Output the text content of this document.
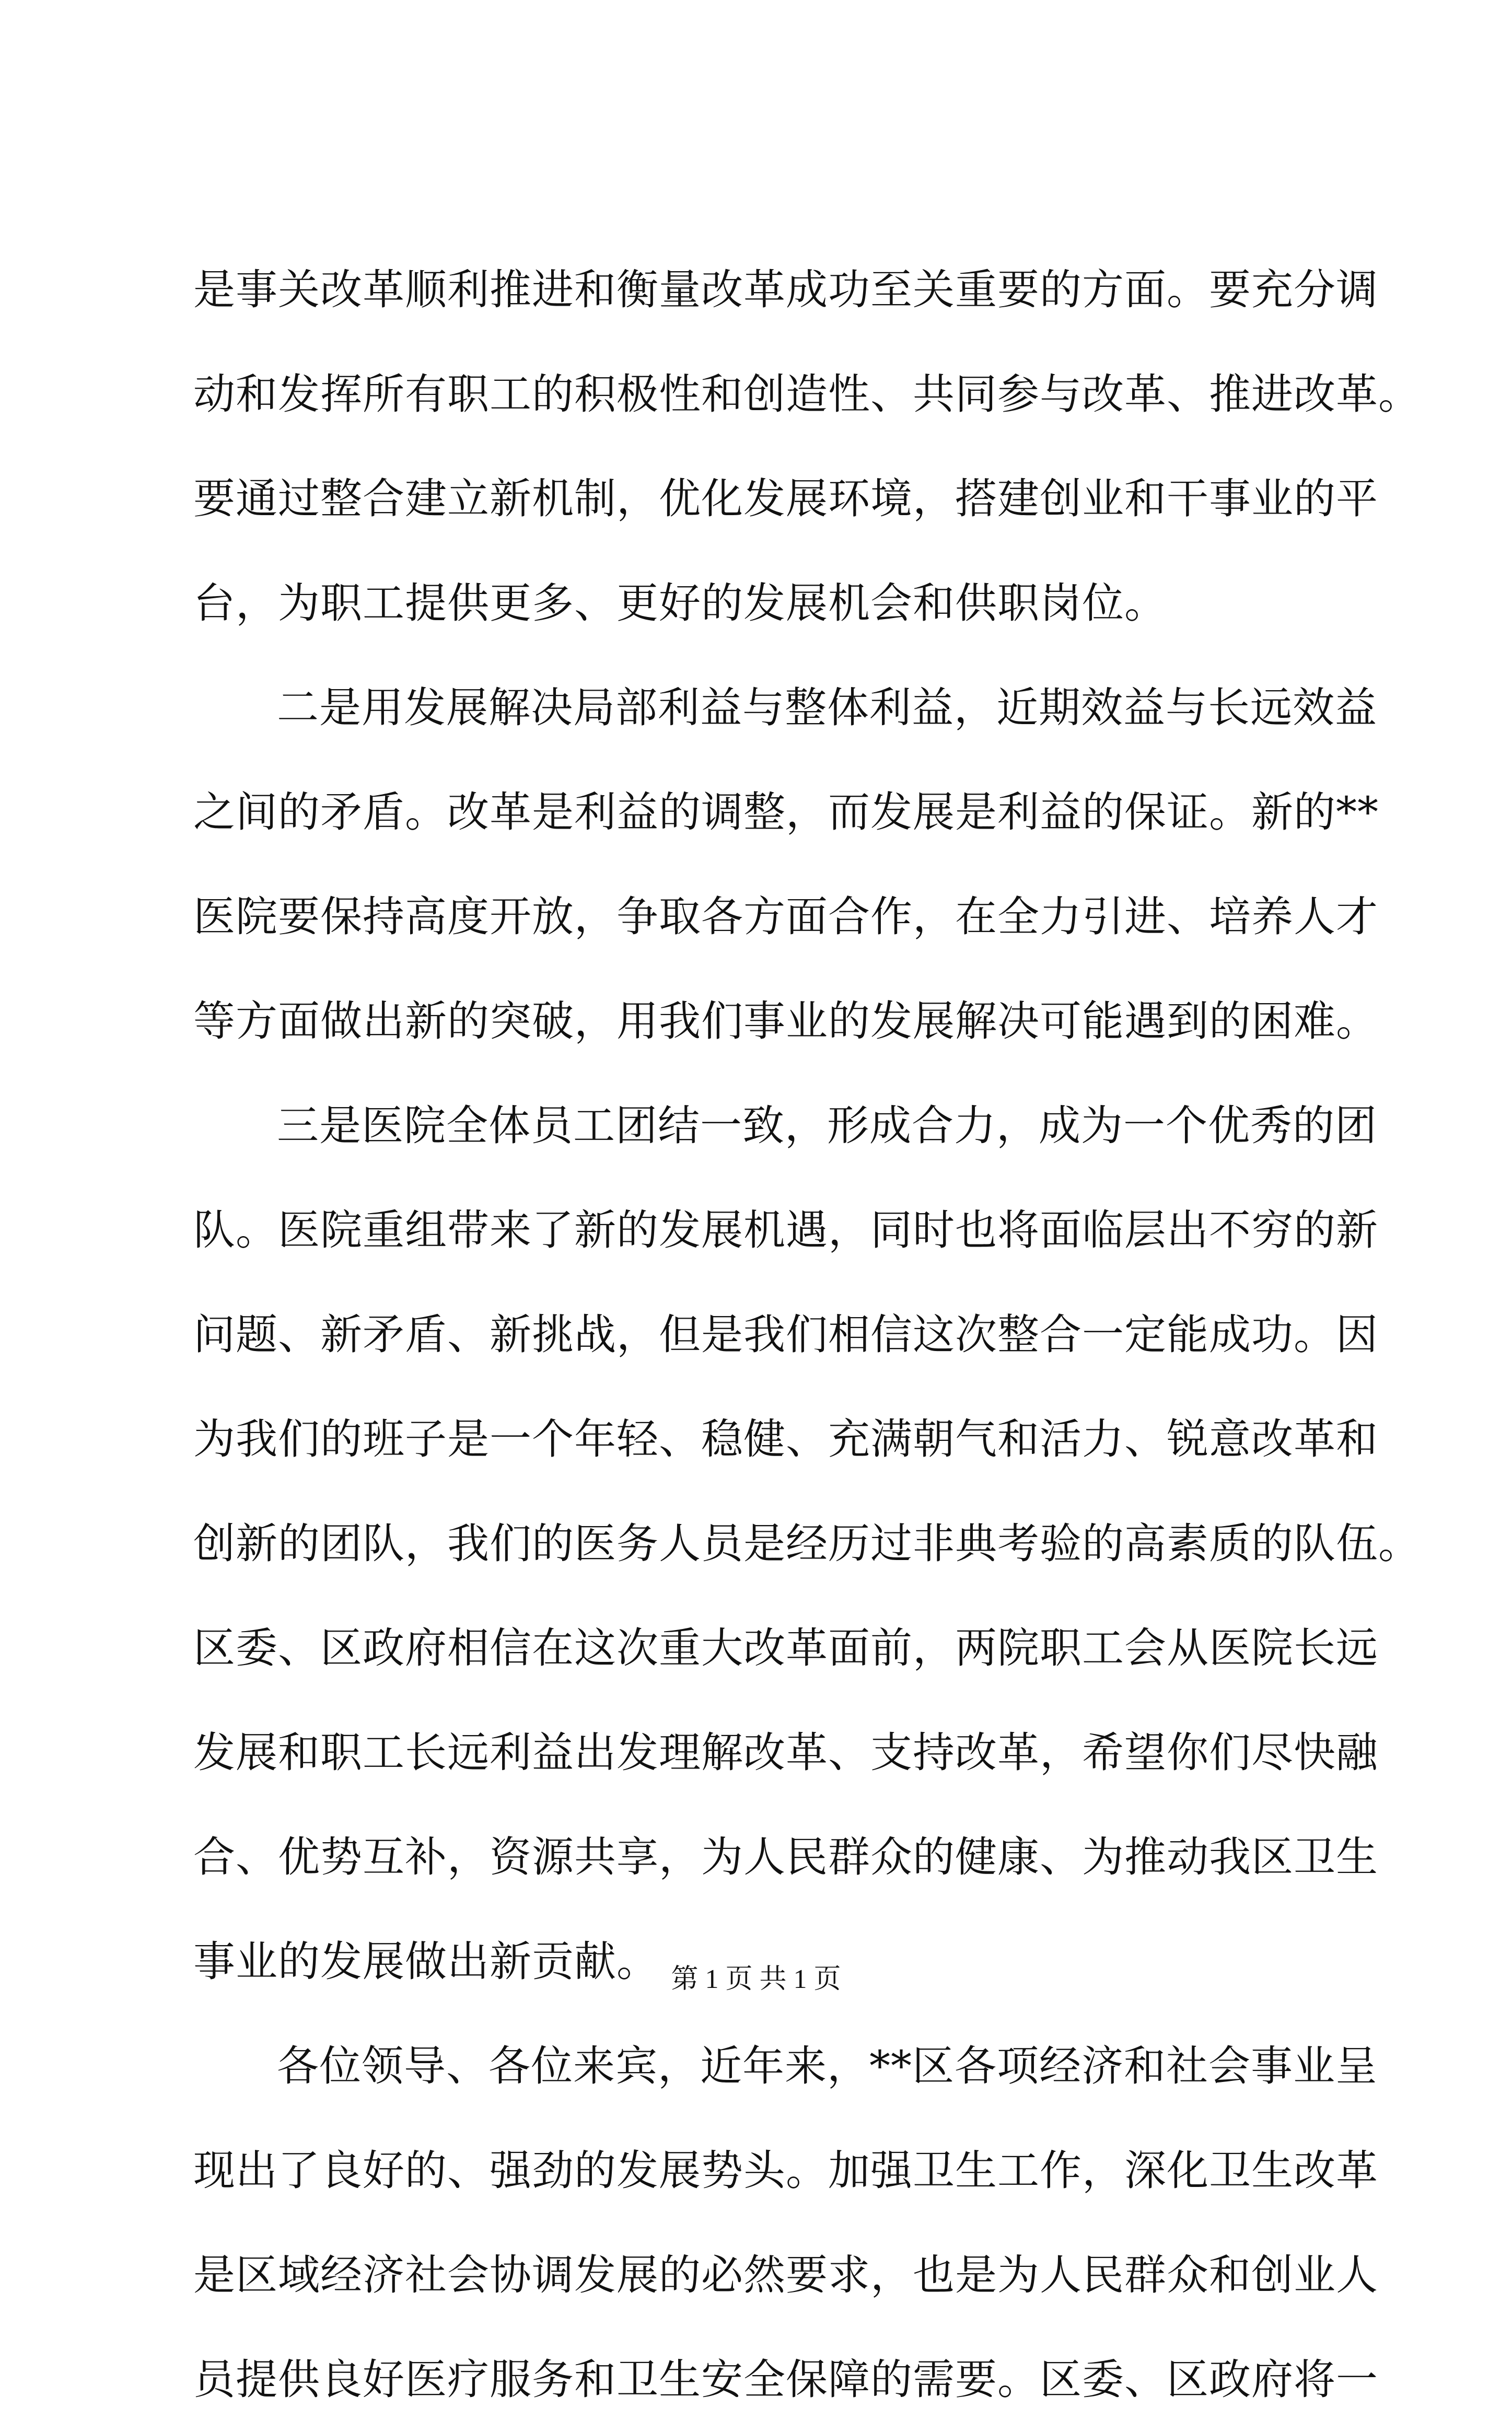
是事关改革顺利推进和衡量改革成功至关重要的方面。要充分调
动和发挥所有职工的积极性和创造性、共同参与改革、推进改革。
要通过整合建立新机制，优化发展环境，搭建创业和干事业的平
台，为职工提供更多、更好的发展机会和供职岗位。
二是用发展解决局部利益与整体利益，近期效益与长远效益
之间的矛盾。改革是利益的调整，而发展是利益的保证。新的**
医院要保持高度开放，争取各方面合作，在全力引进、培养人才
等方面做出新的突破，用我们事业的发展解决可能遇到的困难。
三是医院全体员工团结一致，形成合力，成为一个优秀的团
队。医院重组带来了新的发展机遇，同时也将面临层出不穷的新
问题、新矛盾、新挑战，但是我们相信这次整合一定能成功。因
为我们的班子是一个年轻、稳健、充满朝气和活力、锐意改革和
创新的团队，我们的医务人员是经历过非典考验的高素质的队伍。
区委、区政府相信在这次重大改革面前，两院职工会从医院长远
发展和职工长远利益出发理解改革、支持改革，希望你们尽快融
合、优势互补，资源共享，为人民群众的健康、为推动我区卫生
事业的发展做出新贡献。
各位领导、各位来宾，近年来，**区各项经济和社会事业呈
现出了良好的、强劲的发展势头。加强卫生工作，深化卫生改革
是区域经济社会协调发展的必然要求，也是为人民群众和创业人
员提供良好医疗服务和卫生安全保障的需要。区委、区政府将一
第 1 页 共 1 页
